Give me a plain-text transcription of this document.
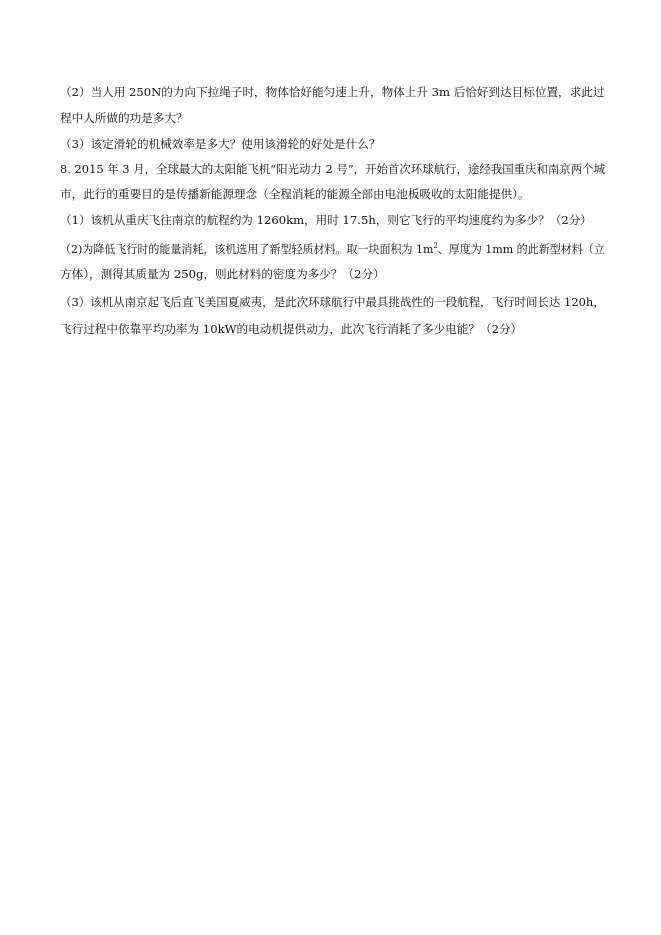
（2）当人用 250N的力向下拉绳子时，物体恰好能匀速上升，物体上升 3m 后恰好到达目标位置，求此过
程中人所做的功是多大？
（3）该定滑轮的机械效率是多大？使用该滑轮的好处是什么？
8. 2015 年 3 月，全球最大的太阳能飞机“阳光动力 2 号”，开始首次环球航行，途经我国重庆和南京两个城
市，此行的重要目的是传播新能源理念（全程消耗的能源全部由电池板吸收的太阳能提供）。
（1）该机从重庆飞往南京的航程约为 1260km，用时 17.5h，则它飞行的平均速度约为多少？（2分）
（2)为降低飞行时的能量消耗，该机选用了新型轻质材料。取一块面积为 $1m^2$、厚度为 1mm 的此新型材料（立
方体），测得其质量为 250g，则此材料的密度为多少？（2分）
（3）该机从南京起飞后直飞美国夏威夷，是此次环球航行中最具挑战性的一段航程，飞行时间长达 120h，
飞行过程中依靠平均功率为 10kW的电动机提供动力，此次飞行消耗了多少电能？（2分）
